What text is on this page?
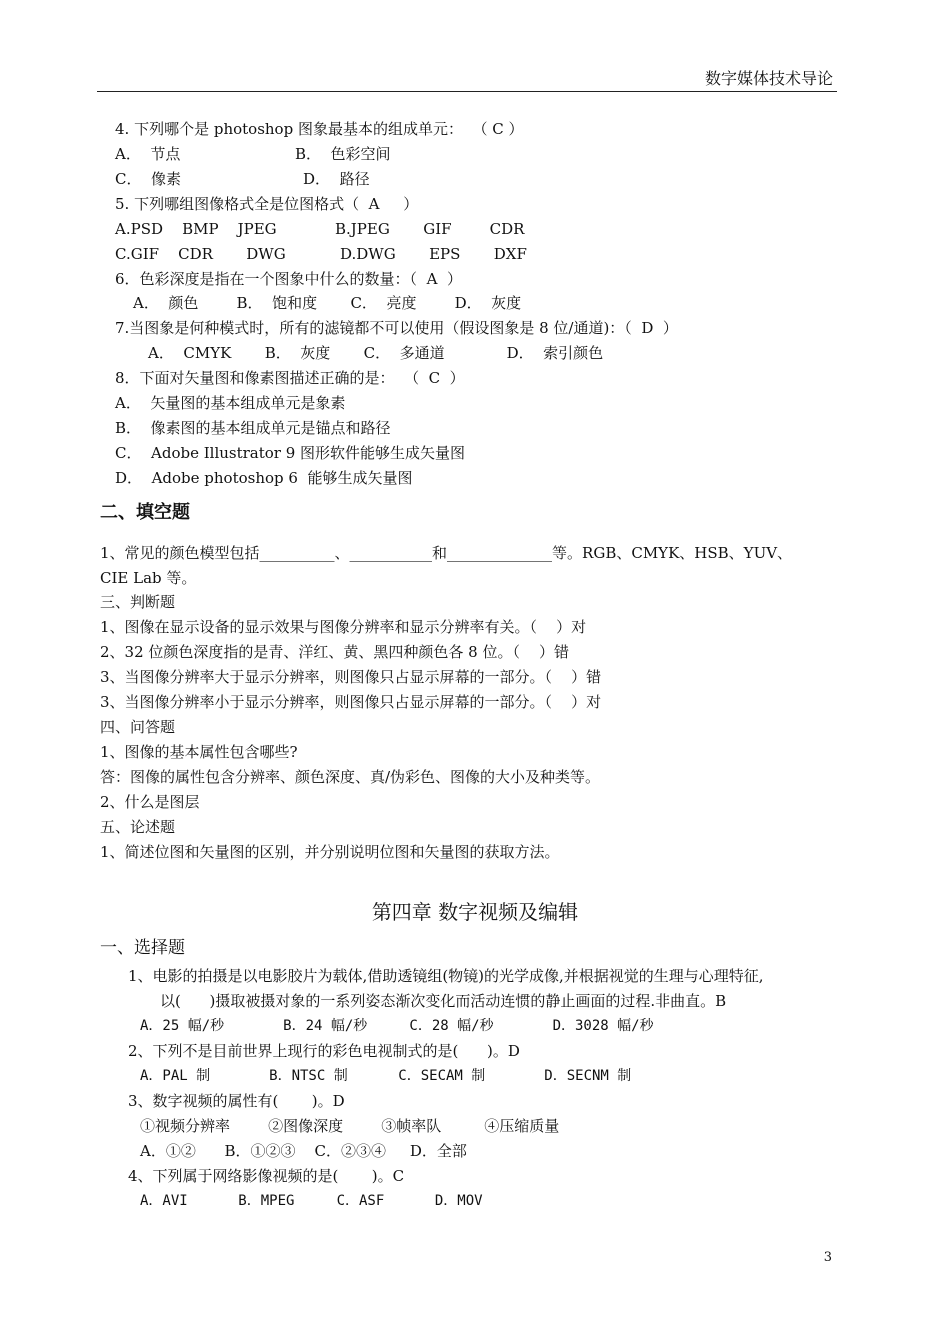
数字媒体技术导论
4. 下列哪个是 photoshop 图象最基本的组成单元：  （ C ）
A．  节点	B．  色彩空间
C．  像素	D．  路径
5. 下列哪组图像格式全是位图格式（  A     ）
A.PSD    BMP    JPEG	B.JPEG       GIF        CDR
C.GIF    CDR       DWG	D.DWG       EPS       DXF
6．色彩深度是指在一个图象中什么的数量：（  A  ）
A．  颜色        B．  饱和度       C．  亮度        D．  灰度
7.当图象是何种模式时，所有的滤镜都不可以使用（假设图象是 8 位/通道)：（  D  ）
A．  CMYK       B．  灰度       C．  多通道             D．  索引颜色
8．下面对矢量图和像素图描述正确的是：  （  C  ）
A．  矢量图的基本组成单元是象素
B．  像素图的基本组成单元是锚点和路径
C．  Adobe Illustrator 9 图形软件能够生成矢量图
D．  Adobe photoshop 6  能够生成矢量图
二、填空题
1、常见的颜色模型包括__________、___________和______________等。RGB、CMYK、HSB、YUV、
CIE Lab 等。
三、判断题
1、图像在显示设备的显示效果与图像分辨率和显示分辨率有关。（    ）对
2、32 位颜色深度指的是青、洋红、黄、黑四种颜色各 8 位。（    ）错
3、当图像分辨率大于显示分辨率，则图像只占显示屏幕的一部分。（    ）错
3、当图像分辨率小于显示分辨率，则图像只占显示屏幕的一部分。（    ）对
四、问答题
1、图像的基本属性包含哪些?
答：图像的属性包含分辨率、颜色深度、真/伪彩色、图像的大小及种类等。
2、什么是图层
五、论述题
1、简述位图和矢量图的区别，并分别说明位图和矢量图的获取方法。
第四章 数字视频及编辑
一、选择题
1、电影的拍摄是以电影胶片为载体,借助透镜组(物镜)的光学成像,并根据视觉的生理与心理特征,
以(      )摄取被摄对象的一系列姿态渐次变化而活动连惯的静止画面的过程.非曲直。B
A．25 幅/秒       B．24 幅/秒     C．28 幅/秒       D．3028 幅/秒
2、下列不是目前世界上现行的彩色电视制式的是(      )。D
A．PAL 制       B．NTSC 制      C．SECAM 制       D．SECNM 制
3、数字视频的属性有(       )。D
①视频分辨率        ②图像深度        ③帧率队         ④压缩质量
A．①②      B．①②③    C．②③④     D．全部
4、下列属于网络影像视频的是(       )。C
A．AVI      B．MPEG     C．ASF      D．MOV
3
